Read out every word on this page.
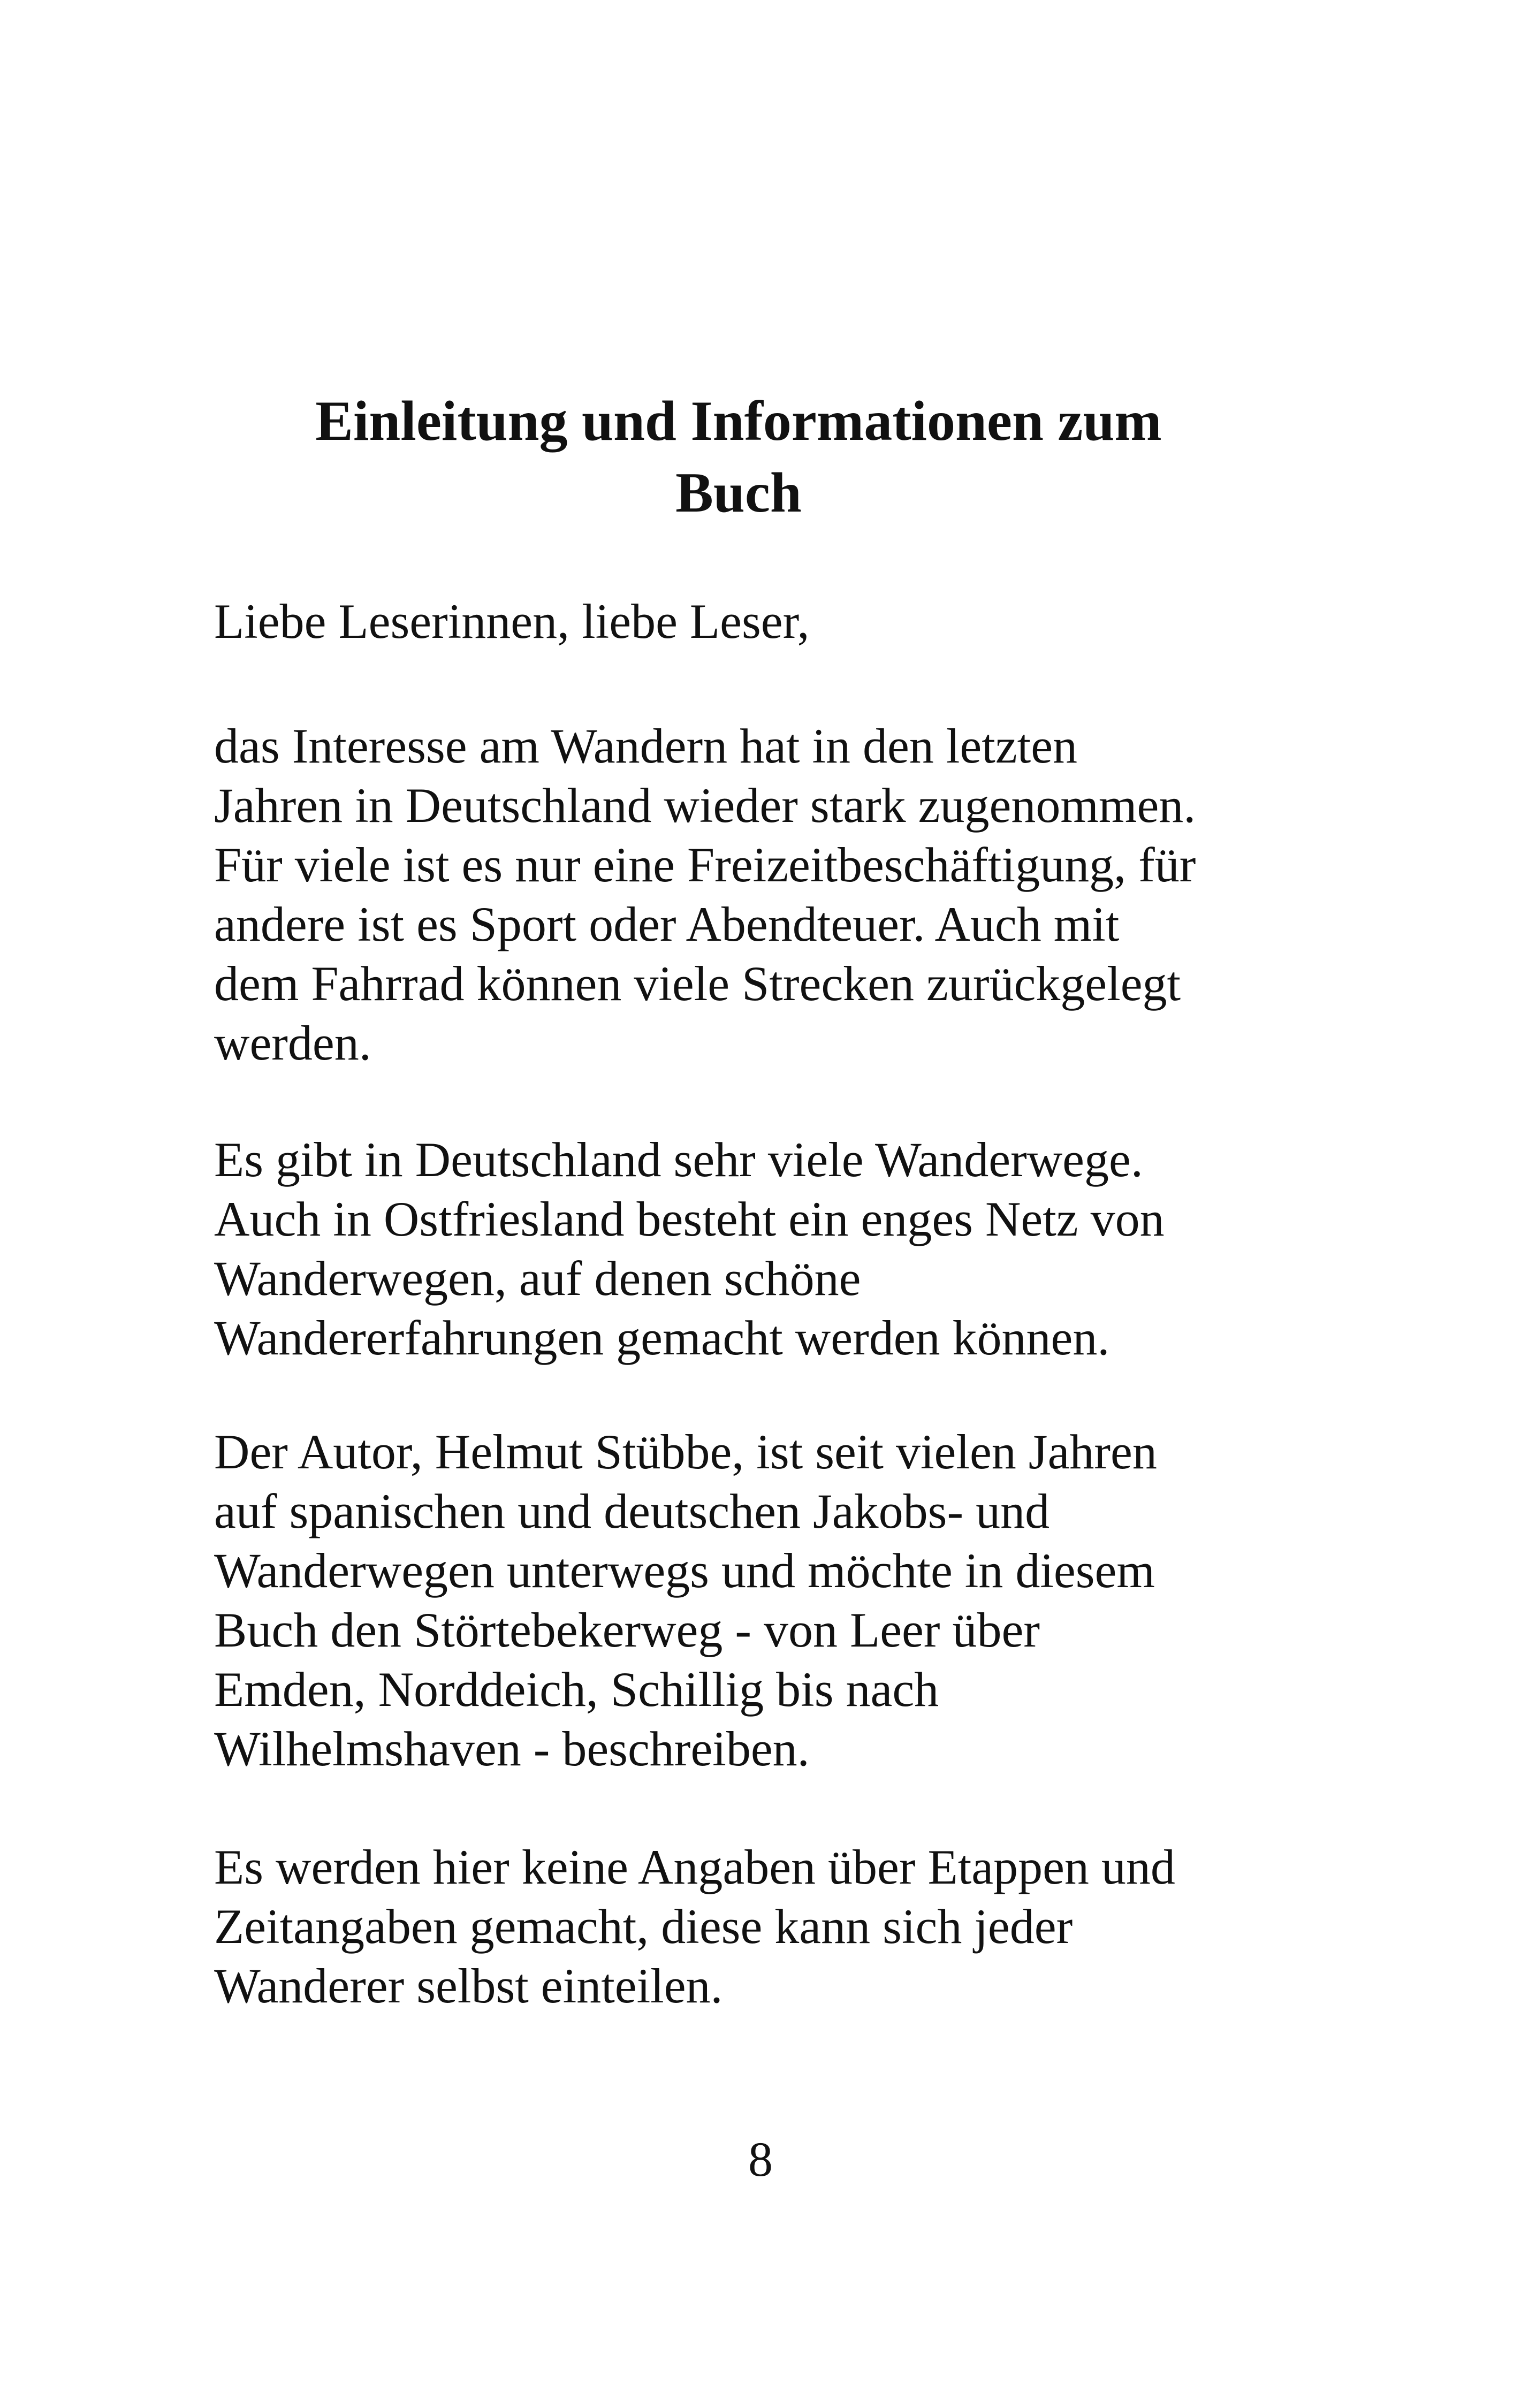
Einleitung und Informationen zum
Buch

Liebe Leserinnen, liebe Leser,

das Interesse am Wandern hat in den letzten
Jahren in Deutschland wieder stark zugenommen.
Für viele ist es nur eine Freizeitbeschäftigung, für
andere ist es Sport oder Abendteuer. Auch mit
dem Fahrrad können viele Strecken zurückgelegt
werden.

Es gibt in Deutschland sehr viele Wanderwege.
Auch in Ostfriesland besteht ein enges Netz von
Wanderwegen, auf denen schöne
Wandererfahrungen gemacht werden können.

Der Autor, Helmut Stübbe, ist seit vielen Jahren
auf spanischen und deutschen Jakobs- und
Wanderwegen unterwegs und möchte in diesem
Buch den Störtebekerweg - von Leer über
Emden, Norddeich, Schillig bis nach
Wilhelmshaven - beschreiben.

Es werden hier keine Angaben über Etappen und
Zeitangaben gemacht, diese kann sich jeder
Wanderer selbst einteilen.

8
